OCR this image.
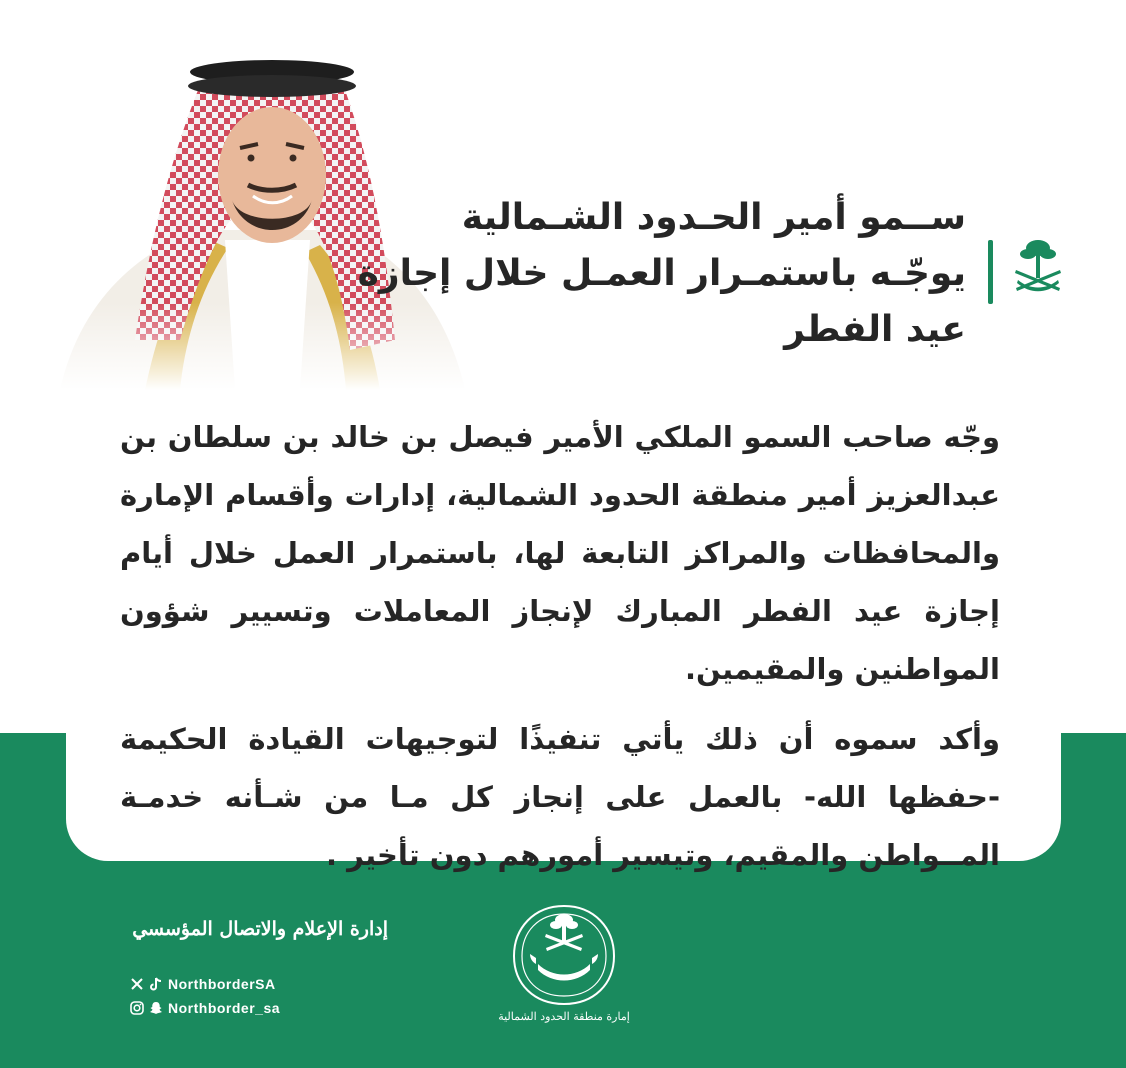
ســمو أمير الحـدود الشـمالية

يوجّـه باستمـرار العمـل خلال إجازة

عيد الفطر

وجّه صاحب السمو الملكي الأمير فيصل بن خالد بن سلطان بن عبدالعزيز أمير منطقة الحدود الشمالية، إدارات وأقسام الإمارة والمحافظات والمراكز التابعة لها، باستمرار العمل خلال أيام إجازة عيد الفطر المبارك لإنجاز المعاملات وتسيير شؤون المواطنين والمقيمين.

وأكد سموه أن ذلك يأتي تنفيذًا لتوجيهات القيادة الحكيمة -حفظها الله- بالعمل على إنجاز كل مـا من شـأنه خدمـة المــواطن والمقيم، وتيسير أمورهم دون تأخير .

إدارة الإعلام والاتصال المؤسسي
NorthborderSA
Northborder_sa
إمارة منطقة الحدود الشمالية
